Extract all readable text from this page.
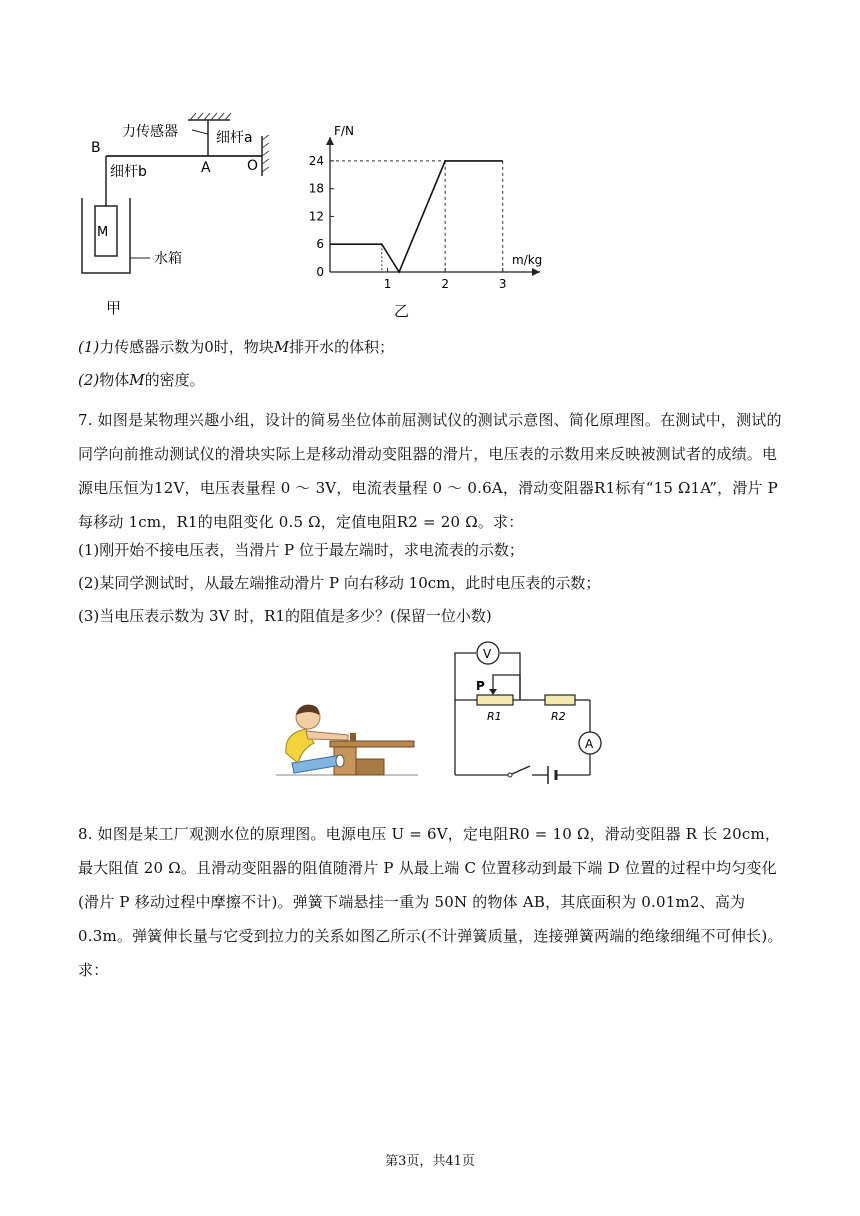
力传感器	细杆a
B
A	O
细杆b
M
水箱
甲
F/N
m/kg
0
6
12
18
24
1	2	3
乙
(1)力传感器示数为0时，物块M排开水的体积；
(2)物体M的密度。
7. 如图是某物理兴趣小组，设计的简易坐位体前屈测试仪的测试示意图、简化原理图。在测试中，测试的同学向前推动测试仪的滑块实际上是移动滑动变阻器的滑片，电压表的示数用来反映被测试者的成绩。电源电压恒为12V，电压表量程 0 ～ 3V，电流表量程 0 ～ 0.6A，滑动变阻器R1标有“15 Ω1A”，滑片 P 每移动 1cm，R1的电阻变化 0.5 Ω，定值电阻R2 = 20 Ω。求：
(1)刚开始不接电压表，当滑片 P 位于最左端时，求电流表的示数；
(2)某同学测试时，从最左端推动滑片 P 向右移动 10cm，此时电压表的示数；
(3)当电压表示数为 3V 时，R1的阻值是多少？(保留一位小数)
V
A
P
R1	R2
8. 如图是某工厂观测水位的原理图。电源电压 U = 6V，定电阻R0 = 10 Ω，滑动变阻器 R 长 20cm，最大阻值 20 Ω。且滑动变阻器的阻值随滑片 P 从最上端 C 位置移动到最下端 D 位置的过程中均匀变化(滑片 P 移动过程中摩擦不计)。弹簧下端悬挂一重为 50N 的物体 AB，其底面积为 0.01m2、高为 0.3m。弹簧伸长量与它受到拉力的关系如图乙所示(不计弹簧质量，连接弹簧两端的绝缘细绳不可伸长)。求：
第3页，共41页
